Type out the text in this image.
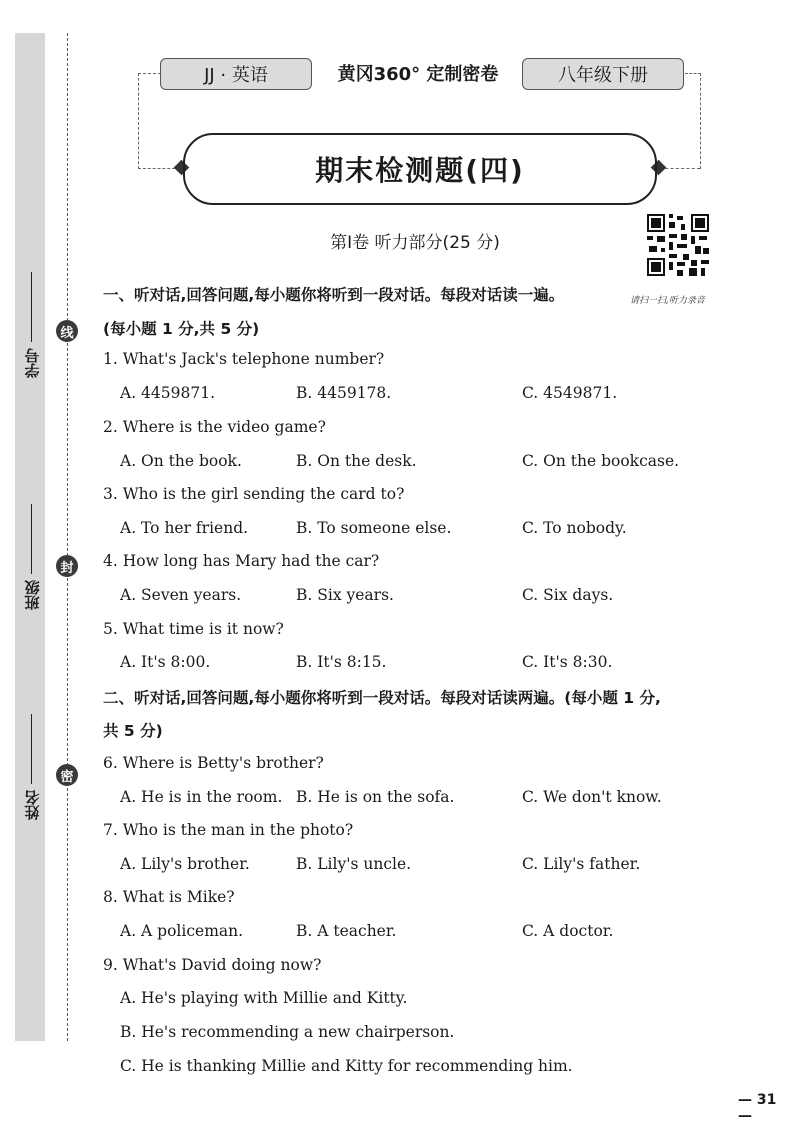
线
封
密
学号
班级
姓名
JJ · 英语	黄冈360° 定制密卷	八年级下册
期末检测题(四)
第Ⅰ卷 听力部分(25 分)
请扫一扫,听力录音
一、听对话,回答问题,每小题你将听到一段对话。每段对话读一遍。
(每小题 1 分,共 5 分)
1. What's Jack's telephone number?
A. 4459871.	B. 4459178.	C. 4549871.
2. Where is the video game?
A. On the book.	B. On the desk.	C. On the bookcase.
3. Who is the girl sending the card to?
A. To her friend.	B. To someone else.	C. To nobody.
4. How long has Mary had the car?
A. Seven years.	B. Six years.	C. Six days.
5. What time is it now?
A. It's 8:00.	B. It's 8:15.	C. It's 8:30.
二、听对话,回答问题,每小题你将听到一段对话。每段对话读两遍。(每小题 1 分,
共 5 分)
6. Where is Betty's brother?
A. He is in the room. B. He is on the sofa.	C. We don't know.
7. Who is the man in the photo?
A. Lily's brother.	B. Lily's uncle.	C. Lily's father.
8. What is Mike?
A. A policeman.	B. A teacher.	C. A doctor.
9. What's David doing now?
A. He's playing with Millie and Kitty.
B. He's recommending a new chairperson.
C. He is thanking Millie and Kitty for recommending him.
— 31 —
